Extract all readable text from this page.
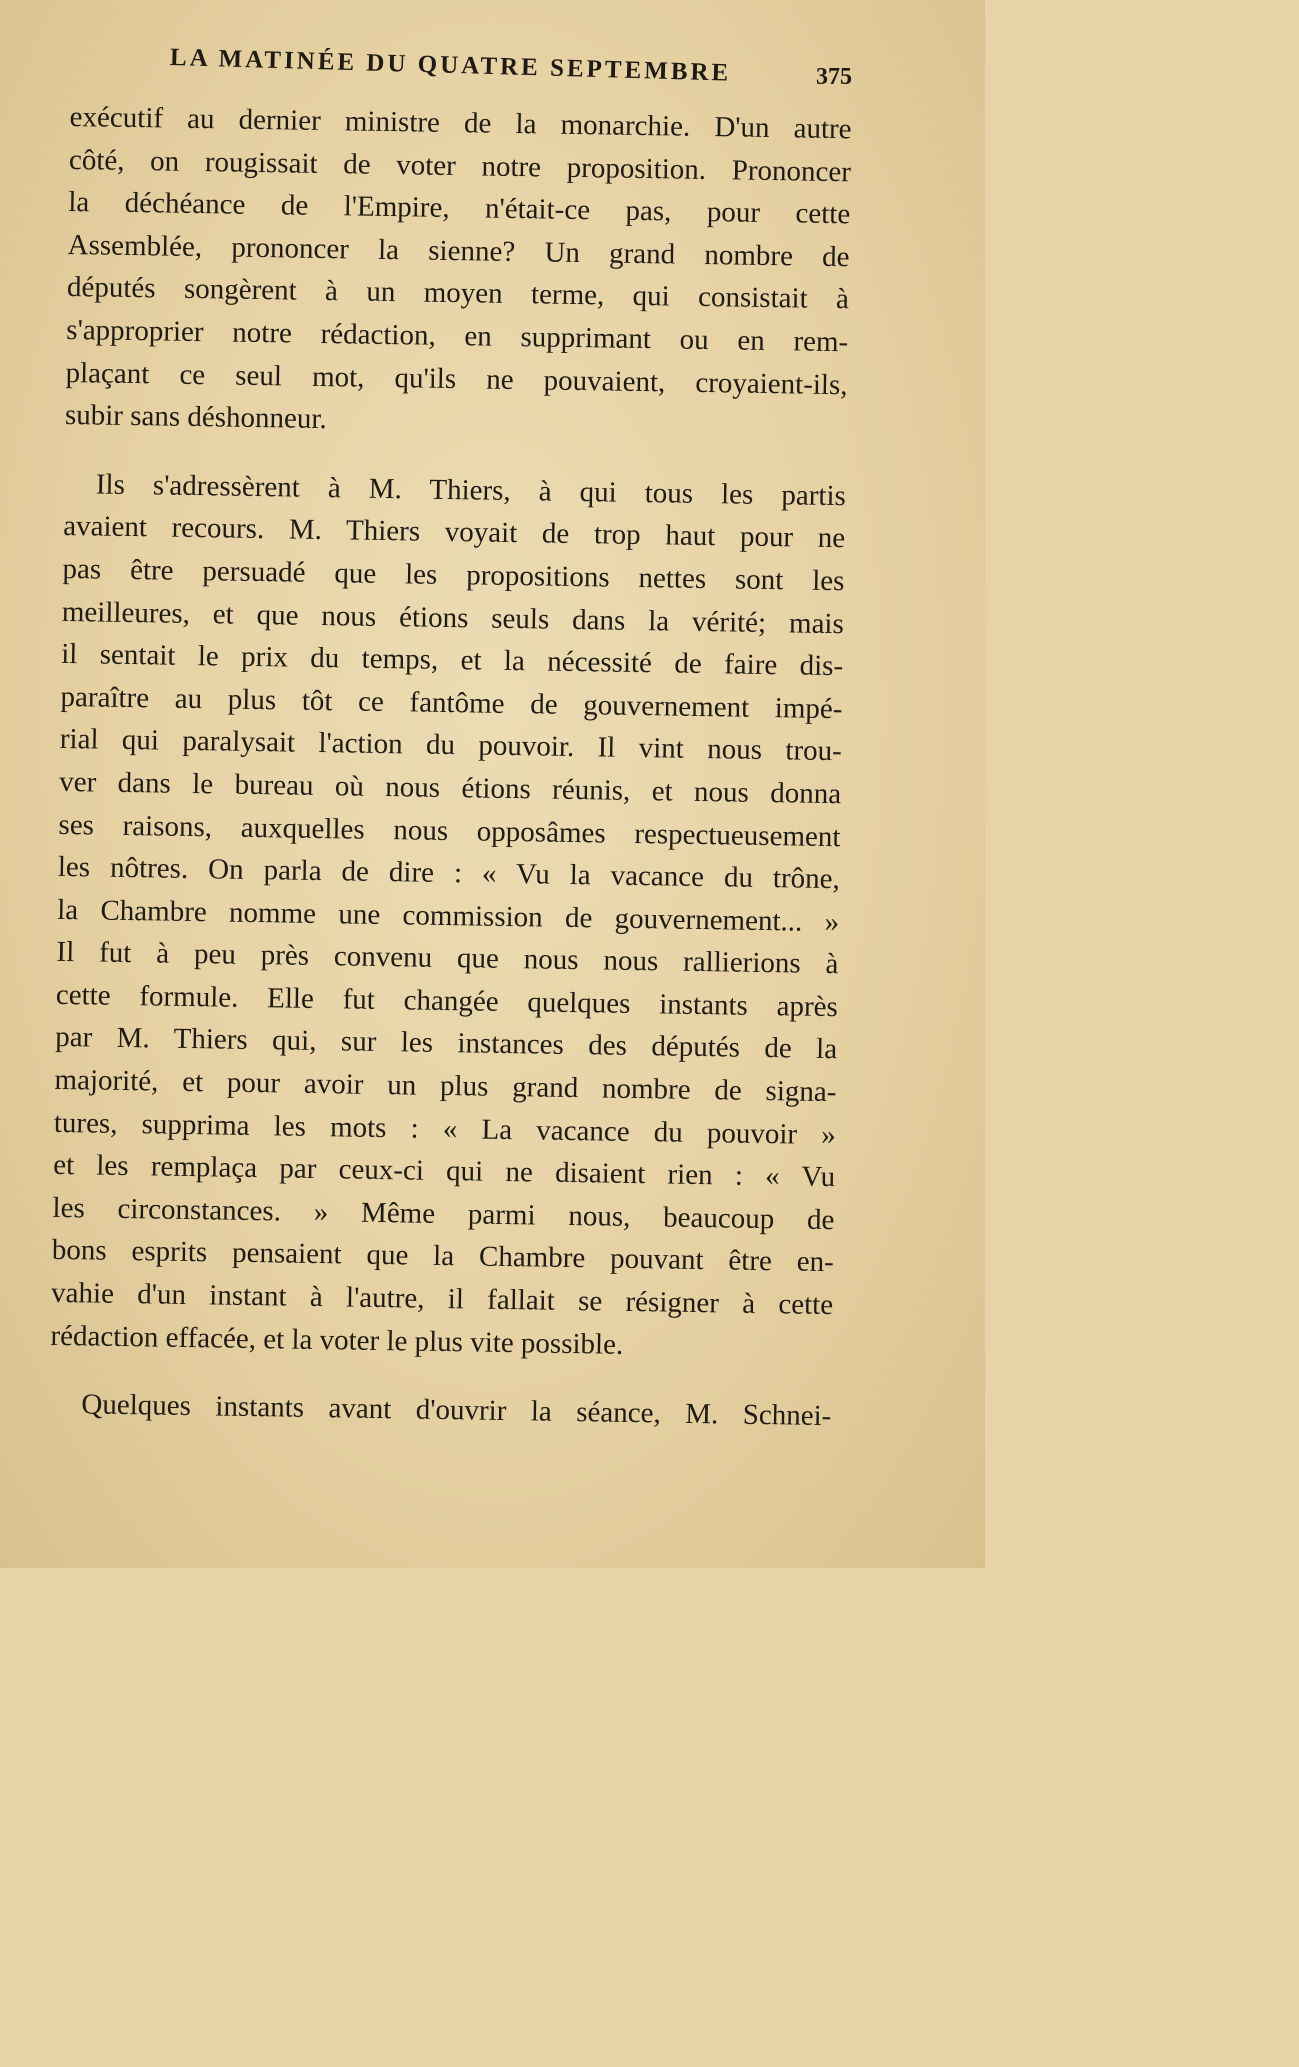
LA MATINÉE DU QUATRE SEPTEMBRE	375

exécutif au dernier ministre de la monarchie. D'un autre
côté, on rougissait de voter notre proposition. Prononcer
la déchéance de l'Empire, n'était-ce pas, pour cette
Assemblée, prononcer la sienne? Un grand nombre de
députés songèrent à un moyen terme, qui consistait à
s'approprier notre rédaction, en supprimant ou en rem-
plaçant ce seul mot, qu'ils ne pouvaient, croyaient-ils,
subir sans déshonneur.

Ils s'adressèrent à M. Thiers, à qui tous les partis
avaient recours. M. Thiers voyait de trop haut pour ne
pas être persuadé que les propositions nettes sont les
meilleures, et que nous étions seuls dans la vérité; mais
il sentait le prix du temps, et la nécessité de faire dis-
paraître au plus tôt ce fantôme de gouvernement impé-
rial qui paralysait l'action du pouvoir. Il vint nous trou-
ver dans le bureau où nous étions réunis, et nous donna
ses raisons, auxquelles nous opposâmes respectueusement
les nôtres. On parla de dire : « Vu la vacance du trône,
la Chambre nomme une commission de gouvernement... »
Il fut à peu près convenu que nous nous rallierions à
cette formule. Elle fut changée quelques instants après
par M. Thiers qui, sur les instances des députés de la
majorité, et pour avoir un plus grand nombre de signa-
tures, supprima les mots : « La vacance du pouvoir »
et les remplaça par ceux-ci qui ne disaient rien : « Vu
les circonstances. » Même parmi nous, beaucoup de
bons esprits pensaient que la Chambre pouvant être en-
vahie d'un instant à l'autre, il fallait se résigner à cette
rédaction effacée, et la voter le plus vite possible.

Quelques instants avant d'ouvrir la séance, M. Schnei-
